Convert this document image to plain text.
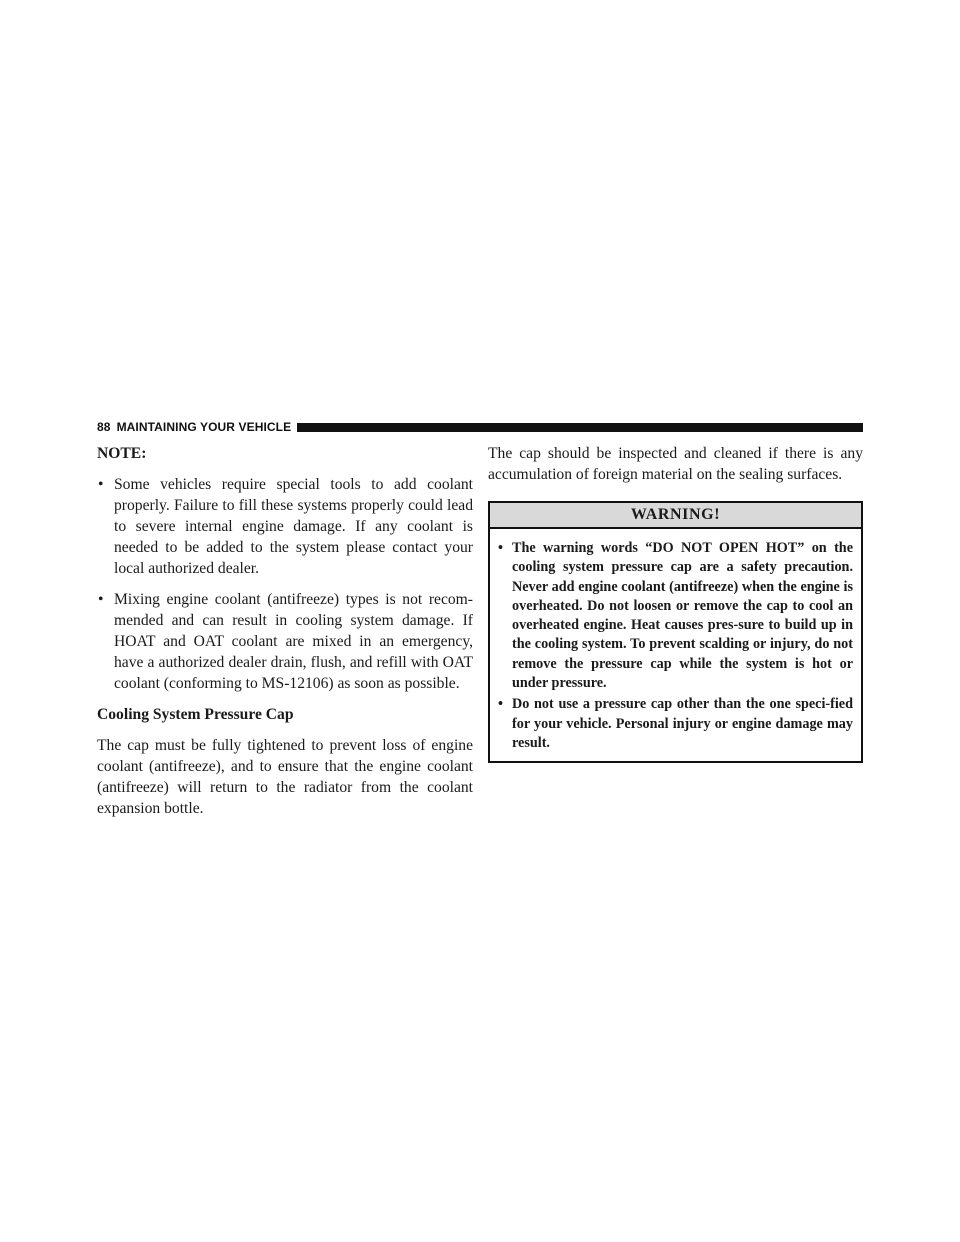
88 MAINTAINING YOUR VEHICLE

NOTE:

• Some vehicles require special tools to add coolant properly. Failure to fill these systems properly could lead to severe internal engine damage. If any coolant is needed to be added to the system please contact your local authorized dealer.
• Mixing engine coolant (antifreeze) types is not recom-mended and can result in cooling system damage. If HOAT and OAT coolant are mixed in an emergency, have a authorized dealer drain, flush, and refill with OAT coolant (conforming to MS-12106) as soon as possible.

Cooling System Pressure Cap

The cap must be fully tightened to prevent loss of engine coolant (antifreeze), and to ensure that the engine coolant (antifreeze) will return to the radiator from the coolant expansion bottle.

The cap should be inspected and cleaned if there is any accumulation of foreign material on the sealing surfaces.

WARNING!
• The warning words “DO NOT OPEN HOT” on the cooling system pressure cap are a safety precaution. Never add engine coolant (antifreeze) when the engine is overheated. Do not loosen or remove the cap to cool an overheated engine. Heat causes pres-sure to build up in the cooling system. To prevent scalding or injury, do not remove the pressure cap while the system is hot or under pressure.
• Do not use a pressure cap other than the one speci-fied for your vehicle. Personal injury or engine damage may result.
